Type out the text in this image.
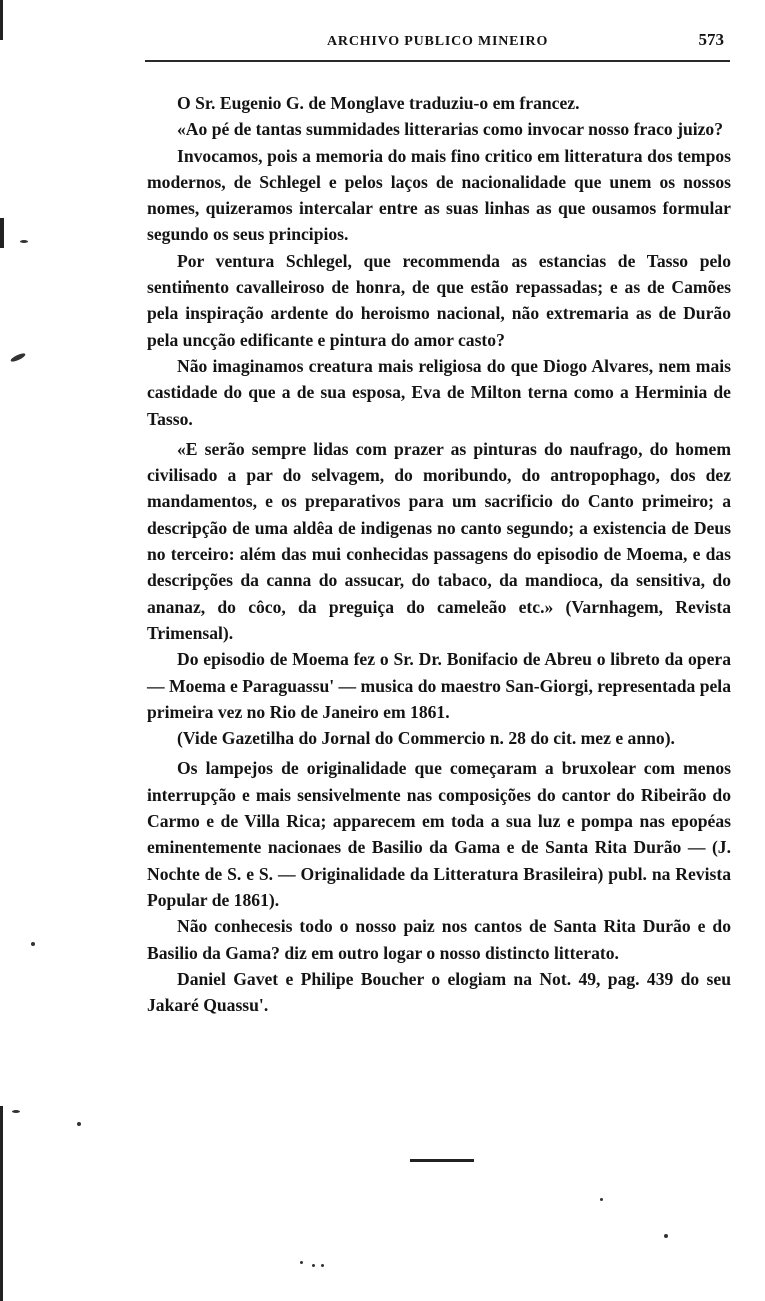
ARCHIVO PUBLICO MINEIRO	573

O Sr. Eugenio G. de Monglave traduziu-o em francez.

«Ao pé de tantas summidades litterarias como invocar nosso fraco juizo?

Invocamos, pois a memoria do mais fino critico em litteratura dos tempos modernos, de Schlegel e pelos laços de nacionalidade que unem os nossos nomes, quizeramos intercalar entre as suas linhas as que ousamos formular segundo os seus principios.

Por ventura Schlegel, que recommenda as estancias de Tasso pelo sentimento cavalleiroso de honra, de que estão repassadas; e as de Camões pela inspiração ardente do heroismo nacional, não extremaria as de Durão pela uncção edificante e pintura do amor casto?

Não imaginamos creatura mais religiosa do que Diogo Alvares, nem mais castidade do que a de sua esposa, Eva de Milton terna como a Herminia de Tasso.

«E serão sempre lidas com prazer as pinturas do naufrago, do homem civilisado a par do selvagem, do moribundo, do antropophago, dos dez mandamentos, e os preparativos para um sacrificio do Canto primeiro; a descripção de uma aldêa de indigenas no canto segundo; a existencia de Deus no terceiro: além das mui conhecidas passagens do episodio de Moema, e das descripções da canna do assucar, do tabaco, da mandioca, da sensitiva, do ananaz, do côco, da preguiça do cameleão etc.» (Varnhagem, Revista Trimensal).

Do episodio de Moema fez o Sr. Dr. Bonifacio de Abreu o libreto da opera — Moema e Paraguassu' — musica do maestro San-Giorgi, representada pela primeira vez no Rio de Janeiro em 1861.

(Vide Gazetilha do Jornal do Commercio n. 28 do cit. mez e anno).

Os lampejos de originalidade que começaram a bruxolear com menos interrupção e mais sensivelmente nas composições do cantor do Ribeirão do Carmo e de Villa Rica; apparecem em toda a sua luz e pompa nas epopéas eminentemente nacionaes de Basilio da Gama e de Santa Rita Durão — (J. Nochte de S. e S. — Originalidade da Litteratura Brasileira) publ. na Revista Popular de 1861).

Não conhecesis todo o nosso paiz nos cantos de Santa Rita Durão e do Basilio da Gama? diz em outro logar o nosso distincto litterato.

Daniel Gavet e Philipe Boucher o elogiam na Not. 49, pag. 439 do seu Jakaré Quassu'.
